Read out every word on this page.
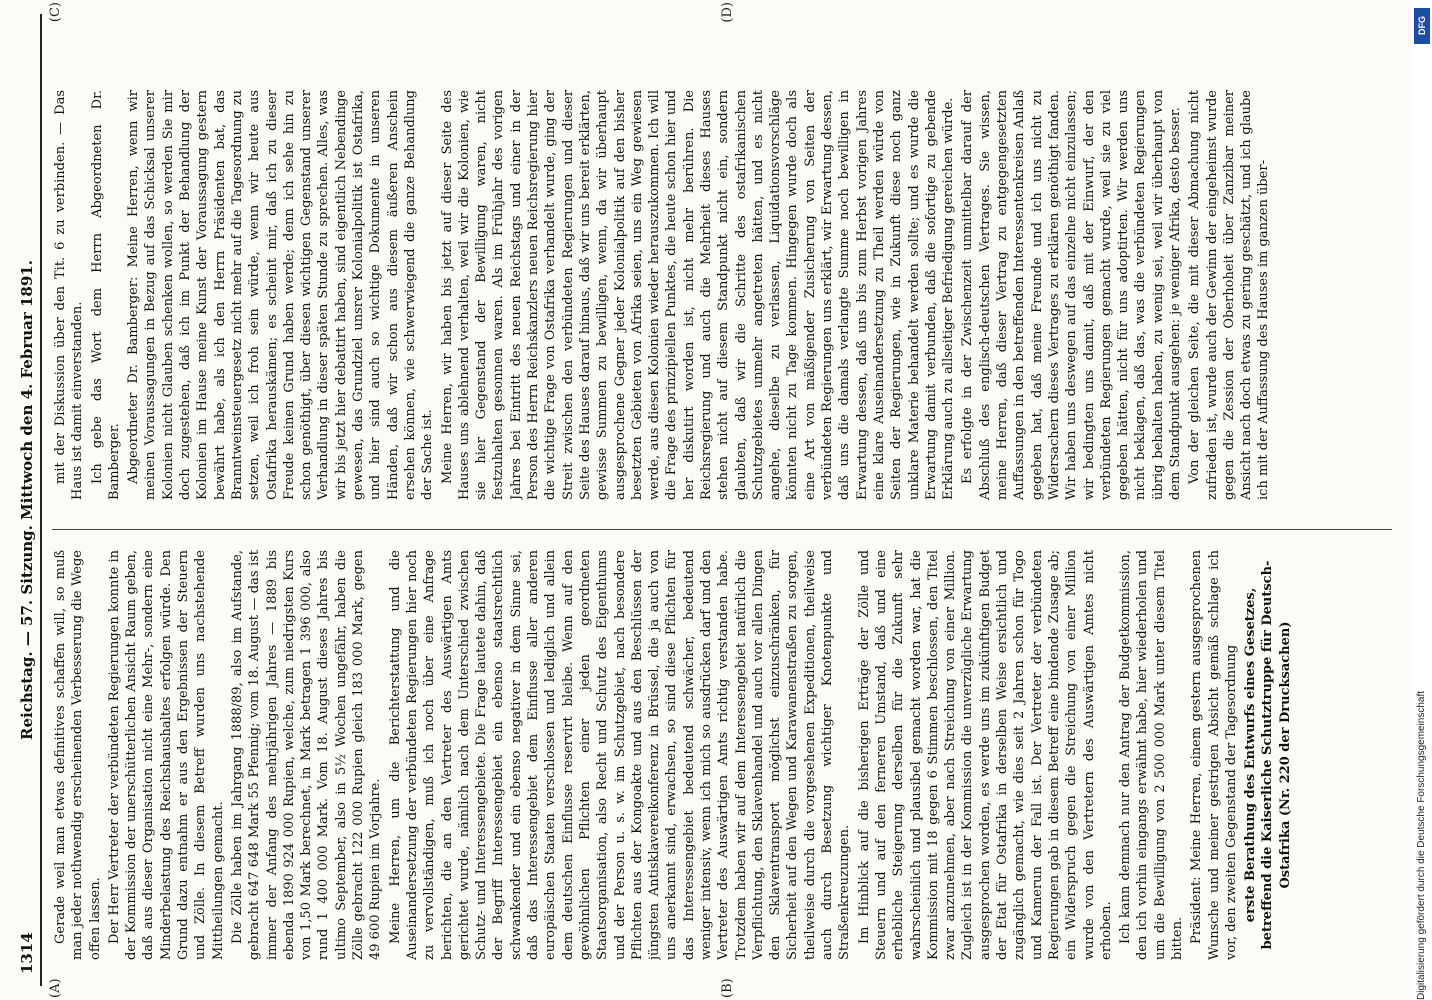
1314
Reichstag. — 57. Sitzung. Mittwoch den 4. Februar 1891.
(A)	(B)
(C)	(D)

Gerade weil man etwas definitives schaffen will, so muß man jeder nothwendig erscheinenden Verbesserung die Wege offen lassen. Der Herr Vertreter der verbündeten Regierungen konnte in der Kommission der unerschütterlichen Ansicht Raum geben, daß aus dieser Organisation nicht eine Mehr-, sondern eine Minderbelastung des Reichshaushaltes erfolgen würde. Den Grund dazu entnahm er aus den Ergebnissen der Steuern und Zölle. In diesem Betreff wurden uns nachstehende Mittheilungen gemacht. Die Zölle haben im Jahrgang 1888/89, also im Aufstande, gebracht 647 648 Mark 55 Pfennig; vom 18. August — das ist immer der Anfang des mehrjährigen Jahres — 1889 bis ebenda 1890 924 000 Rupien, welche, zum niedrigsten Kurs von 1,50 Mark berechnet, in Mark betragen 1 396 000, also rund 1 400 000 Mark. Vom 18. August dieses Jahres bis ultimo September, also in 5½ Wochen ungefähr, haben die Zölle gebracht 122 000 Rupien gleich 183 000 Mark, gegen 49 600 Rupien im Vorjahre. Meine Herren, um die Berichterstattung und die Auseinandersetzung der verbündeten Regierungen hier noch zu vervollständigen, muß ich noch über eine Anfrage berichten, die an den Vertreter des Auswärtigen Amts gerichtet wurde, nämlich nach dem Unterschied zwischen Schutz- und Interessengebiete. Die Frage lautete dahin, daß der Begriff Interessengebiet ein ebenso staatsrechtlich schwankender und ein ebenso negativer in dem Sinne sei, daß das Interessengebiet dem Einflusse aller anderen europäischen Staaten verschlossen und lediglich und allein dem deutschen Einflusse reservirt bleibe. Wenn auf den gewöhnlichen Pflichten einer jeden geordneten Staatsorganisation, also Recht und Schutz des Eigenthums und der Person u. s. w. im Schutzgebiet, nach besondere Pflichten aus der Kongoakte und aus den Beschlüssen der jüngsten Antisklavereikonferenz in Brüssel, die ja auch von uns anerkannt sind, erwachsen, so sind diese Pflichten für das Interessengebiet bedeutend schwächer, bedeutend weniger intensiv, wenn ich mich so ausdrücken darf und den Vertreter des Auswärtigen Amts richtig verstanden habe. Trotzdem haben wir auf dem Interessengebiet natürlich die Verpflichtung, den Sklavenhandel und auch vor allen Dingen den Sklaventransport möglichst einzuschränken, für Sicherheit auf den Wegen und Karawanenstraßen zu sorgen, theilweise durch die vorgesehenen Expeditionen, theilweise auch durch Besetzung wichtiger Knotenpunkte und Straßenkreuzungen. Im Hinblick auf die bisherigen Erträge der Zölle und Steuern und auf den ferneren Umstand, daß und eine erhebliche Steigerung derselben für die Zukunft sehr wahrscheinlich und plausibel gemacht worden war, hat die Kommission mit 18 gegen 6 Stimmen beschlossen, den Titel zwar anzunehmen, aber nach Streichung von einer Million. Zugleich ist in der Kommission die unverzügliche Erwartung ausgesprochen worden, es werde uns im zukünftigen Budget der Etat für Ostafrika in derselben Weise ersichtlich und zugänglich gemacht, wie dies seit 2 Jahren schon für Togo und Kamerun der Fall ist. Der Vertreter der verbündeten Regierungen gab in diesem Betreff eine bindende Zusage ab; ein Widerspruch gegen die Streichung von einer Million wurde von den Vertretern des Auswärtigen Amtes nicht erhoben. Ich kann demnach nur den Antrag der Budgetkommission, den ich vorhin eingangs erwähnt habe, hier wiederholen und um die Bewilligung von 2 500 000 Mark unter diesem Titel bitten. Präsident: Meine Herren, einem gestern ausgesprochenen Wunsche und meiner gestrigen Absicht gemäß schlage ich vor, den zweiten Gegenstand der Tagesordnung erste Berathung des Entwurfs eines Gesetzes, betreffend die Kaiserliche Schutztruppe für Deutsch-Ostafrika (Nr. 220 der Drucksachen)

mit der Diskussion über den Tit. 6 zu verbinden. — Das Haus ist damit einverstanden. Ich gebe das Wort dem Herrn Abgeordneten Dr. Bamberger. Abgeordneter Dr. Bamberger: Meine Herren, wenn wir meinen Voraussagungen in Bezug auf das Schicksal unserer Kolonien nicht Glauben schenken wollen, so werden Sie mir doch zugestehen, daß ich im Punkt der Behandlung der Kolonien im Hause meine Kunst der Voraussagung gestern bewährt habe, als ich den Herrn Präsidenten bat, das Branntweinsteuergesetz nicht mehr auf die Tagesordnung zu setzen, weil ich froh sein würde, wenn wir heute aus Ostafrika herauskämen; es scheint mir, daß ich zu dieser Freude keinen Grund haben werde; denn ich sehe hin zu schon genöthigt, über diesen wichtigen Gegenstand unserer Verhandlung in dieser späten Stunde zu sprechen. Alles, was wir bis jetzt hier debattirt haben, sind eigentlich Nebendinge gewesen, das Grundziel unsrer Kolonialpolitik ist Ostafrika, und hier sind auch so wichtige Dokumente in unseren Händen, daß wir schon aus diesem äußeren Anschein ersehen können, wie schwerwiegend die ganze Behandlung der Sache ist. Meine Herren, wir haben bis jetzt auf dieser Seite des Hauses uns ablehnend verhalten, weil wir die Kolonien, wie sie hier Gegenstand der Bewilligung waren, nicht festzuhalten gesonnen waren. Als im Frühjahr des vorigen Jahres bei Eintritt des neuen Reichstags und einer in der Person des Herrn Reichskanzlers neuen Reichsregierung hier die wichtige Frage von Ostafrika verhandelt wurde, ging der Streit zwischen den verbündeten Regierungen und dieser Seite des Hauses darauf hinaus, daß wir uns bereit erklärten, gewisse Summen zu bewilligen, wenn, da wir überhaupt ausgesprochene Gegner jeder Kolonialpolitik auf den bisher besetzten Gebieten von Afrika seien, uns ein Weg gewiesen werde, aus diesen Kolonien wieder herauszukommen. Ich will die Frage des prinzipiellen Punktes, die heute schon hier und her diskutirt worden ist, nicht mehr berühren. Die Reichsregierung und auch die Mehrheit dieses Hauses stehen nicht auf diesem Standpunkt nicht ein, sondern glaubten, daß wir die Schritte des ostafrikanischen Schutzgebietes unmehr angetreten hätten, und es nicht angehe, dieselbe zu verlassen, Liquidationsvorschläge könnten nicht zu Tage kommen. Hingegen wurde doch als eine Art von mäßigender Zusicherung von Seiten der verbündeten Regierungen uns erklärt, wir Erwartung dessen, daß uns die damals verlangte Summe noch bewilligen in Erwartung dessen, daß uns bis zum Herbst vorigen Jahres eine klare Auseinandersetzung zu Theil werden würde von Seiten der Regierungen, wie in Zukunft diese noch ganz unklare Materie behandelt werden sollte; und es wurde die Erwartung damit verbunden, daß die sofortige zu gebende Erklärung auch zu allseitiger Befriedigung gereichen würde. Es erfolgte in der Zwischenzeit unmittelbar darauf der Abschluß des englisch-deutschen Vertrages. Sie wissen, meine Herren, daß dieser Vertrag zu entgegengesetzten Auffassungen in den betreffenden Interessentenkreisen Anlaß gegeben hat, daß meine Freunde und ich uns nicht zu Widersachern dieses Vertrages zu erklären genöthigt fanden. Wir haben uns deswegen auf das einzelne nicht einzulassen; wir bedingten uns damit, daß mit der Einwurf, der den verbündeten Regierungen gemacht wurde, weil sie zu viel gegeben hätten, nicht für uns adoptirten. Wir werden uns nicht beklagen, daß das, was die verbündeten Regierungen übrig behalten haben, zu wenig sei, weil wir überhaupt von dem Standpunkt ausgehen: je weniger Afrika, desto besser. Von der gleichen Seite, die mit dieser Abmachung nicht zufrieden ist, wurde auch der Gewinn der eingeheimst wurde gegen die Zession der Oberhoheit über Zanzibar meiner Ansicht nach doch etwas zu gering geschätzt, und ich glaube ich mit der Auffassung des Hauses im ganzen über-

DFG
Digitalisierung gefördert durch die Deutsche Forschungsgemeinschaft
